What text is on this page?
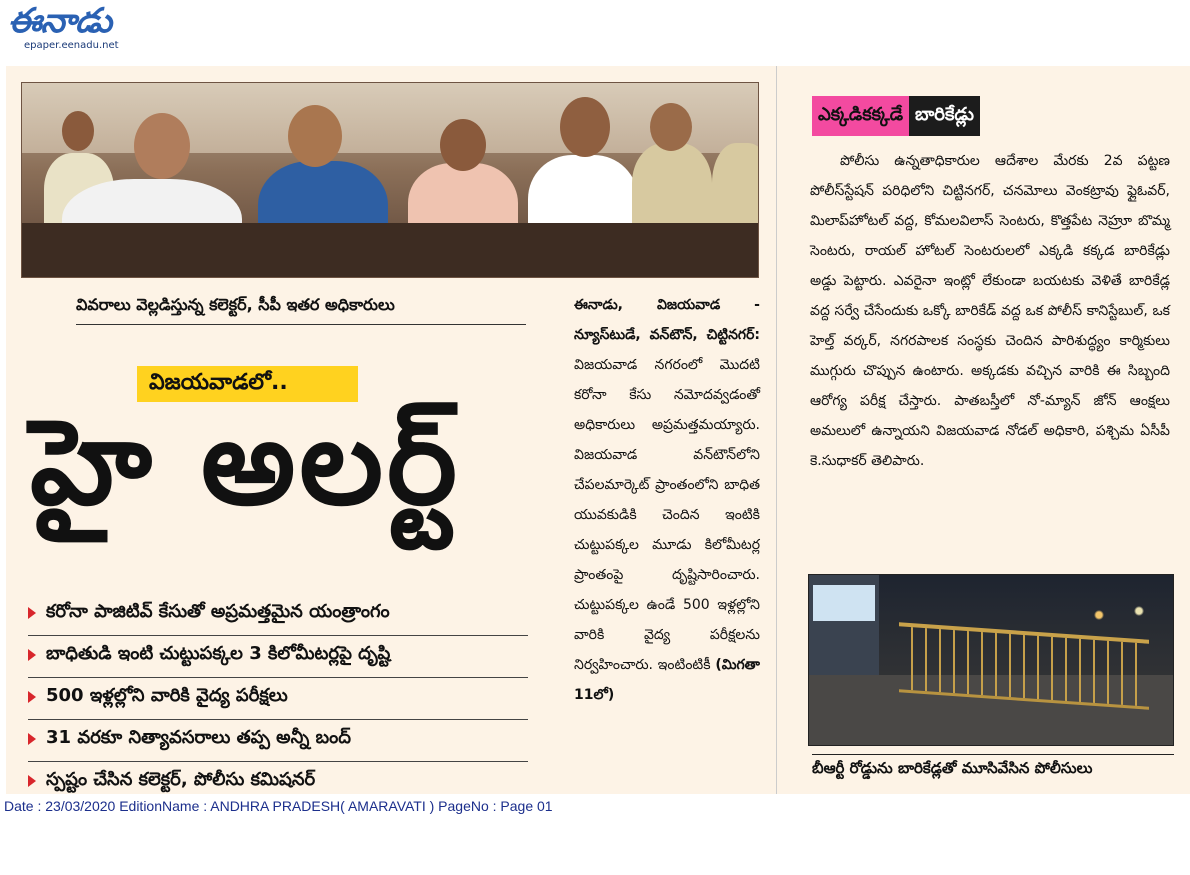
ఈనాడు
epaper.eenadu.net
వివరాలు వెల్లడిస్తున్న కలెక్టర్, సీపీ ఇతర అధికారులు
విజయవాడలో..
హై అలర్ట్
కరోనా పాజిటివ్ కేసుతో అప్రమత్తమైన యంత్రాంగం
బాధితుడి ఇంటి చుట్టుపక్కల 3 కిలోమీటర్లపై దృష్టి
500 ఇళ్లల్లోని వారికి వైద్య పరీక్షలు
31 వరకూ నిత్యావసరాలు తప్ప అన్నీ బంద్
స్పష్టం చేసిన కలెక్టర్, పోలీసు కమిషనర్
ఈనాడు, విజయవాడ - న్యూస్‌టుడే, వన్‌టౌన్, చిట్టినగర్: విజయవాడ నగరంలో మొదటి కరోనా కేసు నమోదవ్వడంతో అధికారులు అప్రమత్తమయ్యారు. విజయవాడ వన్‌టౌన్‌లోని చేపలమార్కెట్ ప్రాంతంలోని బాధిత యువకుడికి చెందిన ఇంటికి చుట్టుపక్కల మూడు కిలోమీటర్ల ప్రాంతంపై దృష్టిసారించారు. చుట్టుపక్కల ఉండే 500 ఇళ్లల్లోని వారికి వైద్య పరీక్షలను నిర్వహించారు. ఇంటింటికీ (మిగతా 11లో)
ఎక్కడికక్కడే బారికేడ్లు
పోలీసు ఉన్నతాధికారుల ఆదేశాల మేరకు 2వ పట్టణ పోలీస్‌స్టేషన్ పరిధిలోని చిట్టినగర్, చనమోలు వెంకట్రావు ఫ్లైఓవర్, మిలాప్‌హోటల్ వద్ద, కోమలవిలాస్ సెంటరు, కొత్తపేట నెహ్రూ బొమ్మ సెంటరు, రాయల్ హోటల్ సెంటరులలో ఎక్కడి కక్కడ బారికేడ్లు అడ్డు పెట్టారు. ఎవరైనా ఇంట్లో లేకుండా బయటకు వెళితే బారికేడ్ల వద్ద సర్వే చేసేందుకు ఒక్కో బారికేడ్ వద్ద ఒక పోలీస్ కానిస్టేబుల్, ఒక హెల్త్ వర్కర్, నగరపాలక సంస్థకు చెందిన పారిశుద్ధ్యం కార్మికులు ముగ్గురు చొప్పున ఉంటారు. అక్కడకు వచ్చిన వారికి ఈ సిబ్బంది ఆరోగ్య పరీక్ష చేస్తారు. పాతబస్తీలో నో-మ్యాన్ జోన్ ఆంక్షలు అమలులో ఉన్నాయని విజయవాడ నోడల్ అధికారి, పశ్చిమ ఏసీపీ కె.సుధాకర్ తెలిపారు.
బీఆర్టీ రోడ్డును బారికేడ్లతో మూసివేసిన పోలీసులు
Date : 23/03/2020 EditionName : ANDHRA PRADESH( AMARAVATI ) PageNo : Page 01
